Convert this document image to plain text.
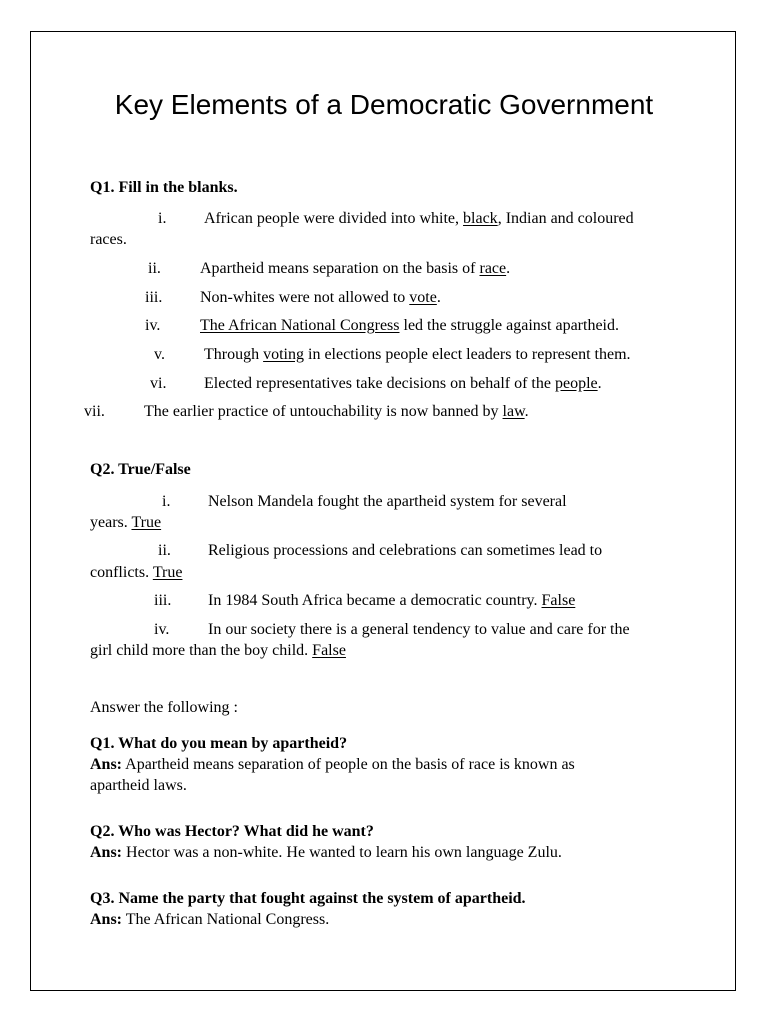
Key Elements of a Democratic Government
Q1. Fill in the blanks.
i. African people were divided into white, black, Indian and coloured
races.
ii. Apartheid means separation on the basis of race.
iii. Non-whites were not allowed to vote.
iv. The African National Congress led the struggle against apartheid.
v. Through voting in elections people elect leaders to represent them.
vi. Elected representatives take decisions on behalf of the people.
vii. The earlier practice of untouchability is now banned by law.
Q2. True/False
i. Nelson Mandela fought the apartheid system for several
years. True
ii. Religious processions and celebrations can sometimes lead to
conflicts. True
iii. In 1984 South Africa became a democratic country. False
iv. In our society there is a general tendency to value and care for the
girl child more than the boy child. False
Answer the following :
Q1. What do you mean by apartheid?
Ans: Apartheid means separation of people on the basis of race is known as
apartheid laws.
Q2. Who was Hector? What did he want?
Ans: Hector was a non-white. He wanted to learn his own language Zulu.
Q3. Name the party that fought against the system of apartheid.
Ans: The African National Congress.
